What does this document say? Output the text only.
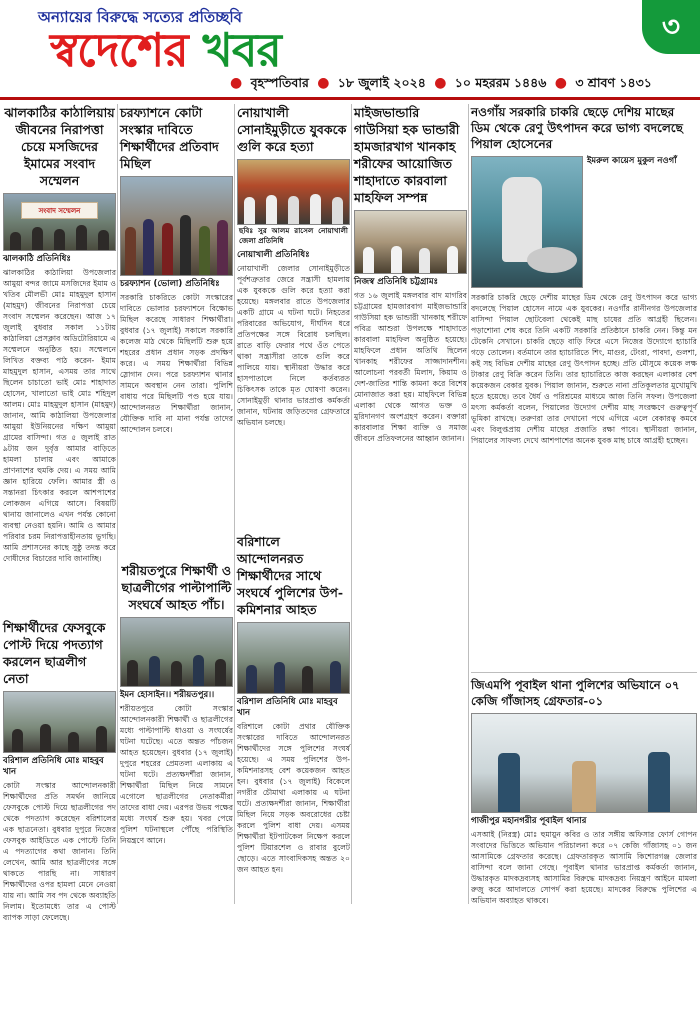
অন্যায়ের বিরুদ্ধে সত্যের প্রতিচ্ছবি
স্বদেশের খবর	৩
● বৃহস্পতিবার ● ১৮ জুলাই ২০২৪ ● ১০ মহররম ১৪৪৬ ● ৩ শ্রাবণ ১৪৩১
ঝালকাঠির কাঠালিয়ায় জীবনের নিরাপত্তা চেয়ে মসজিদের ইমামের সংবাদ সম্মেলন
সংবাদ সম্মেলন
ঝালকাঠি প্রতিনিধিঃ

ঝালকাঠির কাঠালিয়া উপজেলার আমুয়া বন্দর জামে মসজিদের ইমাম ও খতিব মৌলভী মোঃ মাহমুদুল হাসান (মাহমুদ) জীবনের নিরাপত্তা চেয়ে সংবাদ সম্মেলন করেছেন। আজ ১৭ জুলাই বুধবার সকাল ১১টায় কাঠালিয়া প্রেসক্লাব অডিটোরিয়ামে এ সম্মেলনে অনুষ্ঠিত হয়। সম্মেলনে লিখিত বক্তব্য পাঠ করেন- ইমাম মাহমুদুল হাসান, এসময় তার সাথে ছিলেন চাচাতো ভাই মোঃ শাহাদাত হোসেন, খালাতো ভাই মোঃ শহিদুল আলম। মোঃ মাহমুদুল হাসান (মাহমুদ) জানান, আমি কাঠালিয়া উপজেলার আমুয়া ইউনিয়নের দক্ষিণ আমুয়া গ্রামের বাসিন্দা। গত ৫ জুলাই রাত ৯টায় জন দুর্বৃত্ত আমার বাড়িতে হামলা চালায় এবং আমাকে প্রাণনাশের হুমকি দেয়। এ সময় আমি জ্ঞান হারিয়ে ফেলি। আমার স্ত্রী ও সন্তানরা চিৎকার করলে আশপাশের লোকজন এগিয়ে আসে। বিষয়টি থানায় জানালেও এখন পর্যন্ত কোনো ব্যবস্থা নেওয়া হয়নি। আমি ও আমার পরিবার চরম নিরাপত্তাহীনতায় ভুগছি। আমি প্রশাসনের কাছে সুষ্ঠু তদন্ত করে দোষীদের বিচারের দাবি জানাচ্ছি।

শিক্ষার্থীদের ফেসবুকে পোস্ট দিয়ে পদত্যাগ করলেন ছাত্রলীগ নেতা
বরিশাল প্রতিনিধি মোঃ মাহবুব খান

কোটা সংস্কার আন্দোলনকারী শিক্ষার্থীদের প্রতি সমর্থন জানিয়ে ফেসবুকে পোস্ট দিয়ে ছাত্রলীগের পদ থেকে পদত্যাগ করেছেন বরিশালের এক ছাত্রনেতা। বুধবার দুপুরে নিজের ফেসবুক আইডিতে এক পোস্টে তিনি এ পদত্যাগের কথা জানান। তিনি লেখেন, আমি আর ছাত্রলীগের সঙ্গে থাকতে পারছি না। সাধারণ শিক্ষার্থীদের ওপর হামলা মেনে নেওয়া যায় না। আমি সব পদ থেকে অব্যাহতি নিলাম। ইতোমধ্যে তার এ পোস্ট ব্যাপক সাড়া ফেলেছে।

চরফ্যাশনে কোটা সংস্কার দাবিতে শিক্ষার্থীদের প্রতিবাদ মিছিল
চরফ্যাশন (ভোলা) প্রতিনিধিঃ

সরকারি চাকরিতে কোটা সংস্কারের দাবিতে ভোলার চরফ্যাশনে বিক্ষোভ মিছিল করেছে সাধারণ শিক্ষার্থীরা। বুধবার (১৭ জুলাই) সকালে সরকারি কলেজ মাঠ থেকে মিছিলটি শুরু হয়ে শহরের প্রধান প্রধান সড়ক প্রদক্ষিণ করে। এ সময় শিক্ষার্থীরা বিভিন্ন স্লোগান দেন। পরে চরফ্যাশন থানার সামনে অবস্থান নেন তারা। পুলিশি বাধায় পরে মিছিলটি পণ্ড হয়ে যায়। আন্দোলনরত শিক্ষার্থীরা জানান, যৌক্তিক দাবি না মানা পর্যন্ত তাদের আন্দোলন চলবে।

শরীয়তপুরে শিক্ষার্থী ও ছাত্রলীগের পাল্টাপাল্টি সংঘর্ষে আহত পাঁচ।
ইমন হোসাইন।। শরীয়তপুর।।

শরীয়তপুরে কোটা সংস্কার আন্দোলনকারী শিক্ষার্থী ও ছাত্রলীগের মধ্যে পাল্টাপাল্টি ধাওয়া ও সংঘর্ষের ঘটনা ঘটেছে। এতে অন্তত পাঁচজন আহত হয়েছেন। বুধবার (১৭ জুলাই) দুপুরে শহরের প্রেমতলা এলাকায় এ ঘটনা ঘটে। প্রত্যক্ষদর্শীরা জানান, শিক্ষার্থীরা মিছিল নিয়ে সামনে এগোলে ছাত্রলীগের নেতাকর্মীরা তাদের বাধা দেয়। এরপর উভয় পক্ষের মধ্যে সংঘর্ষ শুরু হয়। খবর পেয়ে পুলিশ ঘটনাস্থলে পৌঁছে পরিস্থিতি নিয়ন্ত্রণে আনে।

নোয়াখালী সোনাইমুড়ীতে যুবককে গুলি করে হত্যা
ছবিঃ সুর আলম রাসেল নোয়াখালী জেলা প্রতিনিধি
নোয়াখালী প্রতিনিধিঃ

নোয়াখালী জেলার সোনাইমুড়ীতে পূর্বশত্রুতার জেরে সন্ত্রাসী হামলায় এক যুবককে গুলি করে হত্যা করা হয়েছে। মঙ্গলবার রাতে উপজেলার একটি গ্রামে এ ঘটনা ঘটে। নিহতের পরিবারের অভিযোগ, দীর্ঘদিন ধরে প্রতিপক্ষের সঙ্গে বিরোধ চলছিল। রাতে বাড়ি ফেরার পথে ওঁত পেতে থাকা সন্ত্রাসীরা তাকে গুলি করে পালিয়ে যায়। স্থানীয়রা উদ্ধার করে হাসপাতালে নিলে কর্তব্যরত চিকিৎসক তাকে মৃত ঘোষণা করেন। সোনাইমুড়ী থানার ভারপ্রাপ্ত কর্মকর্তা জানান, ঘটনায় জড়িতদের গ্রেফতারে অভিযান চলছে।

বরিশালে আন্দোলনরত শিক্ষার্থীদের সাথে সংঘর্ষে পুলিশের উপ-কমিশনার আহত
বরিশাল প্রতিনিধি মোঃ মাহবুব খান

বরিশালে কোটা প্রথার যৌক্তিক সংস্কারের দাবিতে আন্দোলনরত শিক্ষার্থীদের সঙ্গে পুলিশের সংঘর্ষ হয়েছে। এ সময় পুলিশের উপ-কমিশনারসহ বেশ কয়েকজন আহত হন। বুধবার (১৭ জুলাই) বিকেলে নগরীর চৌমাথা এলাকায় এ ঘটনা ঘটে। প্রত্যক্ষদর্শীরা জানান, শিক্ষার্থীরা মিছিল নিয়ে সড়ক অবরোধের চেষ্টা করলে পুলিশ বাধা দেয়। এসময় শিক্ষার্থীরা ইটপাটকেল নিক্ষেপ করলে পুলিশ টিয়ারশেল ও রাবার বুলেট ছোড়ে। এতে সাংবাদিকসহ অন্তত ২০ জন আহত হন।

মাইজভান্ডারি গাউসিয়া হক ভান্ডারী হামজারখাগ খানকাহ শরীফের আয়োজিত শাহাদাতে কারবালা মাহফিল সম্পন্ন
নিজস্ব প্রতিনিধি চট্টগ্রামঃ

গত ১৬ জুলাই মঙ্গলবার বাদ মাগরিব চট্টগ্রামের হামজারবাগ মাইজভান্ডারি গাউসিয়া হক ভান্ডারী খানকাহ শরীফে পবিত্র আশুরা উপলক্ষে শাহাদাতে কারবালা মাহফিল অনুষ্ঠিত হয়েছে। মাহফিলে প্রধান অতিথি ছিলেন খানকাহ শরীফের সাজ্জাদানশীন। আলোচনা পরবর্তী মিলাদ, কিয়াম ও দেশ-জাতির শান্তি কামনা করে বিশেষ মোনাজাত করা হয়। মাহফিলে বিভিন্ন এলাকা থেকে আগত ভক্ত ও মুরিদানগণ অংশগ্রহণ করেন। বক্তারা কারবালার শিক্ষা ব্যক্তি ও সমাজ জীবনে প্রতিফলনের আহ্বান জানান।

নওগাঁয় সরকারি চাকরি ছেড়ে দেশিয় মাছের ডিম থেকে রেণু উৎপাদন করে ভাগ্য বদলেছে পিয়াল হোসেনের
ইমরুল কায়েস মুকুল নওগাঁ

সরকারি চাকরি ছেড়ে দেশীয় মাছের ডিম থেকে রেণু উৎপাদন করে ভাগ্য বদলেছে পিয়াল হোসেন নামে এক যুবকের। নওগাঁর রানীনগর উপজেলার বাসিন্দা পিয়াল ছোটবেলা থেকেই মাছ চাষের প্রতি আগ্রহী ছিলেন। পড়াশোনা শেষ করে তিনি একটি সরকারি প্রতিষ্ঠানে চাকরি নেন। কিন্তু মন টেকেনি সেখানে। চাকরি ছেড়ে বাড়ি ফিরে এসে নিজের উদ্যোগে হ্যাচারি গড়ে তোলেন। বর্তমানে তার হ্যাচারিতে শিং, মাগুর, টেংরা, পাবদা, গুলশা, কই সহ বিভিন্ন দেশীয় মাছের রেণু উৎপাদন হচ্ছে। প্রতি মৌসুমে কয়েক লক্ষ টাকার রেণু বিক্রি করেন তিনি। তার হ্যাচারিতে কাজ করছেন এলাকার বেশ কয়েকজন বেকার যুবক। পিয়াল জানান, শুরুতে নানা প্রতিকূলতার মুখোমুখি হতে হয়েছে। তবে ধৈর্য ও পরিশ্রমের মাধ্যমে আজ তিনি সফল। উপজেলা মৎস্য কর্মকর্তা বলেন, পিয়ালের উদ্যোগ দেশীয় মাছ সংরক্ষণে গুরুত্বপূর্ণ ভূমিকা রাখছে। তরুণরা তার দেখানো পথে এগিয়ে এলে বেকারত্ব কমবে এবং বিলুপ্তপ্রায় দেশীয় মাছের প্রজাতি রক্ষা পাবে। স্থানীয়রা জানান, পিয়ালের সাফল্য দেখে আশপাশের অনেক যুবক মাছ চাষে আগ্রহী হচ্ছেন।

জিএমপি পূবাইল থানা পুলিশের অভিযানে ০৭ কেজি গাঁজাসহ গ্রেফতার-০১
গাজীপুর মহানগরীর পূবাইল থানার

এসআই (নিরস্ত্র) মোঃ হুমায়ুন কবির ও তার সঙ্গীয় অফিসার ফোর্স গোপন সংবাদের ভিত্তিতে অভিযান পরিচালনা করে ০৭ কেজি গাঁজাসহ ০১ জন আসামিকে গ্রেফতার করেছে। গ্রেফতারকৃত আসামি কিশোরগঞ্জ জেলার বাসিন্দা বলে জানা গেছে। পূবাইল থানার ভারপ্রাপ্ত কর্মকর্তা জানান, উদ্ধারকৃত মাদকদ্রব্যসহ আসামির বিরুদ্ধে মাদকদ্রব্য নিয়ন্ত্রণ আইনে মামলা রুজু করে আদালতে সোপর্দ করা হয়েছে। মাদকের বিরুদ্ধে পুলিশের এ অভিযান অব্যাহত থাকবে।
